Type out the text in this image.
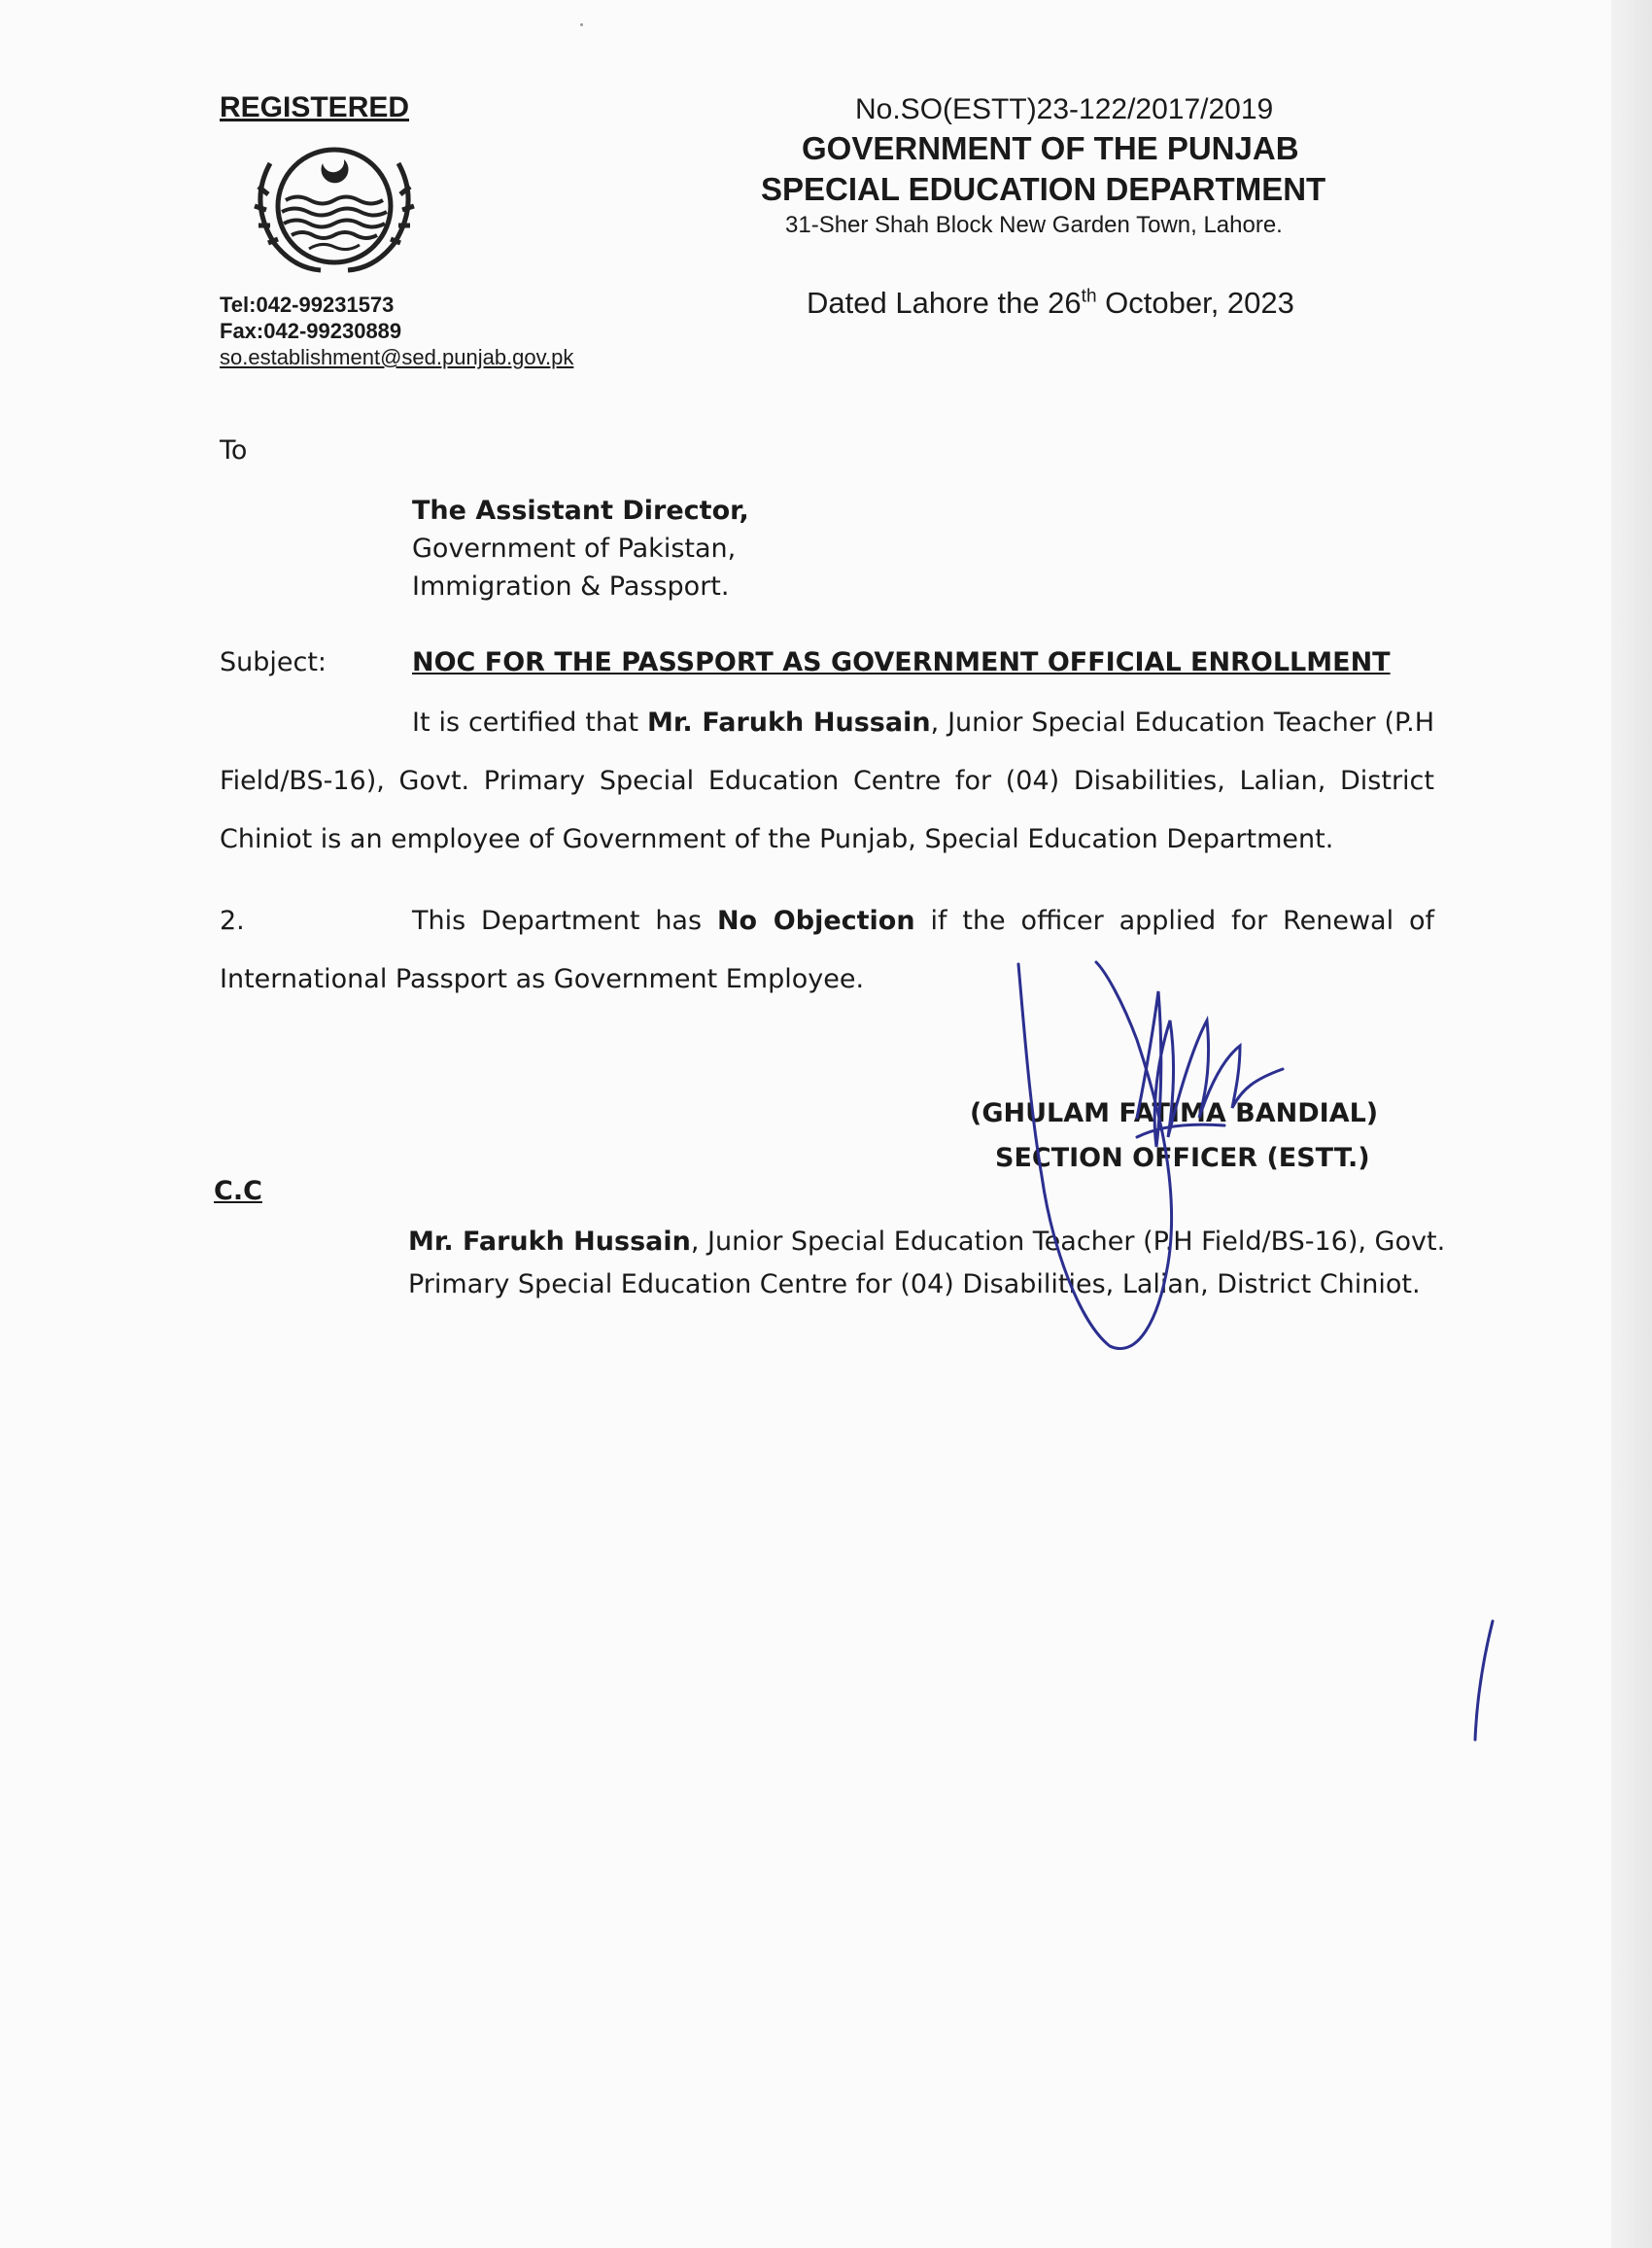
REGISTERED
Tel:042-99231573
Fax:042-99230889
so.establishment@sed.punjab.gov.pk
No.SO(ESTT)23-122/2017/2019
GOVERNMENT OF THE PUNJAB
SPECIAL EDUCATION DEPARTMENT
31-Sher Shah Block New Garden Town, Lahore.
Dated Lahore the 26th October, 2023
To
The Assistant Director,
Government of Pakistan,
Immigration & Passport.
Subject:	NOC FOR THE PASSPORT AS GOVERNMENT OFFICIAL ENROLLMENT
It is certified that Mr. Farukh Hussain, Junior Special Education Teacher (P.H Field/BS-16), Govt. Primary Special Education Centre for (04) Disabilities, Lalian, District Chiniot is an employee of Government of the Punjab, Special Education Department.
2.	This Department has No Objection if the officer applied for Renewal of International Passport as Government Employee.
(GHULAM FATIMA BANDIAL)
SECTION OFFICER (ESTT.)
C.C
Mr. Farukh Hussain, Junior Special Education Teacher (P.H Field/BS-16), Govt.
Primary Special Education Centre for (04) Disabilities, Lalian, District Chiniot.
